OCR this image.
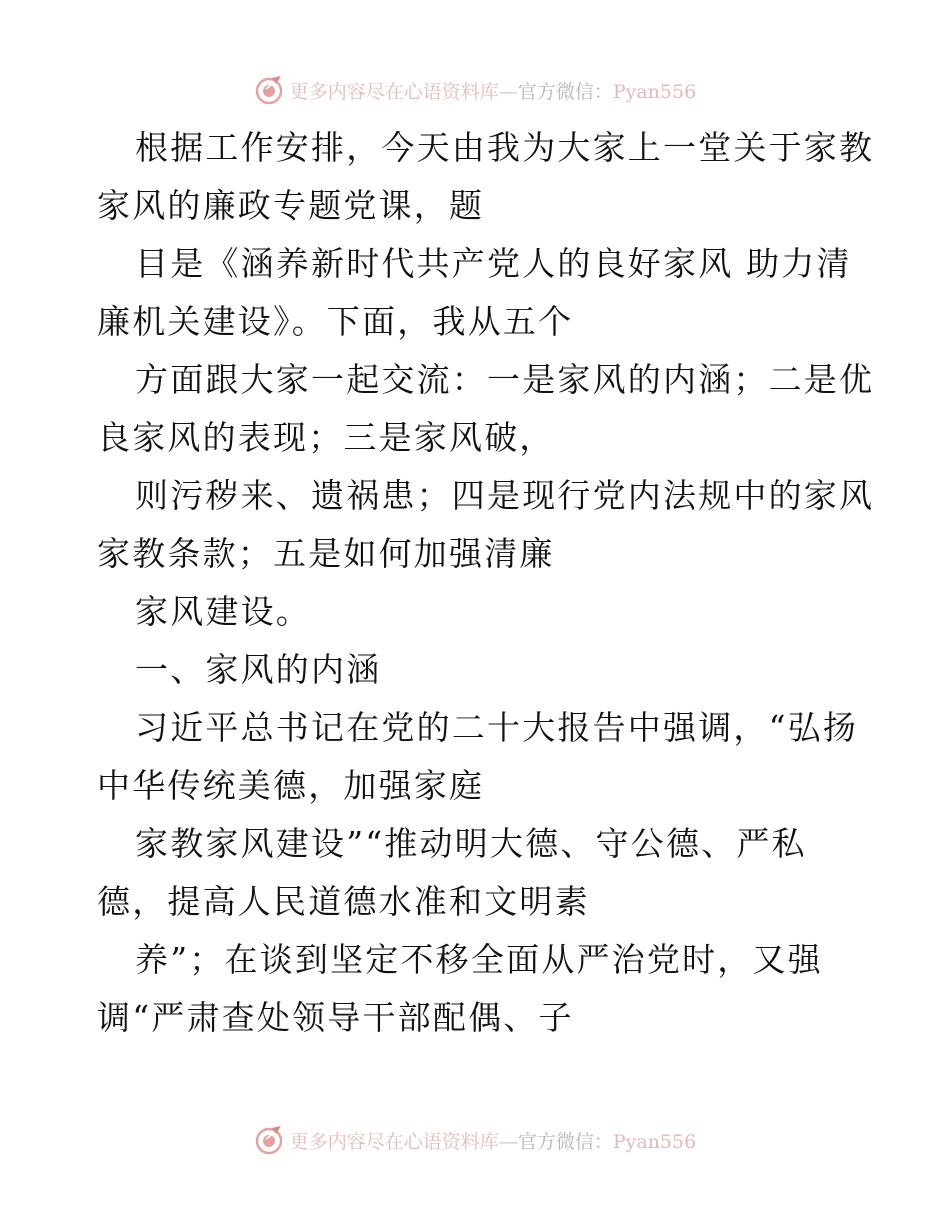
更多内容尽在心语资料库—官方微信：Pyan556
根据工作安排，今天由我为大家上一堂关于家教
家风的廉政专题党课，题
目是《涵养新时代共产党人的良好家风 助力清
廉机关建设》。下面，我从五个
方面跟大家一起交流：一是家风的内涵；二是优
良家风的表现；三是家风破，
则污秽来、遗祸患；四是现行党内法规中的家风
家教条款；五是如何加强清廉
家风建设。
一、家风的内涵
习近平总书记在党的二十大报告中强调，“弘扬
中华传统美德，加强家庭
家教家风建设”“推动明大德、守公德、严私
德，提高人民道德水准和文明素
养”；在谈到坚定不移全面从严治党时，又强
调“严肃查处领导干部配偶、子
更多内容尽在心语资料库—官方微信：Pyan556
